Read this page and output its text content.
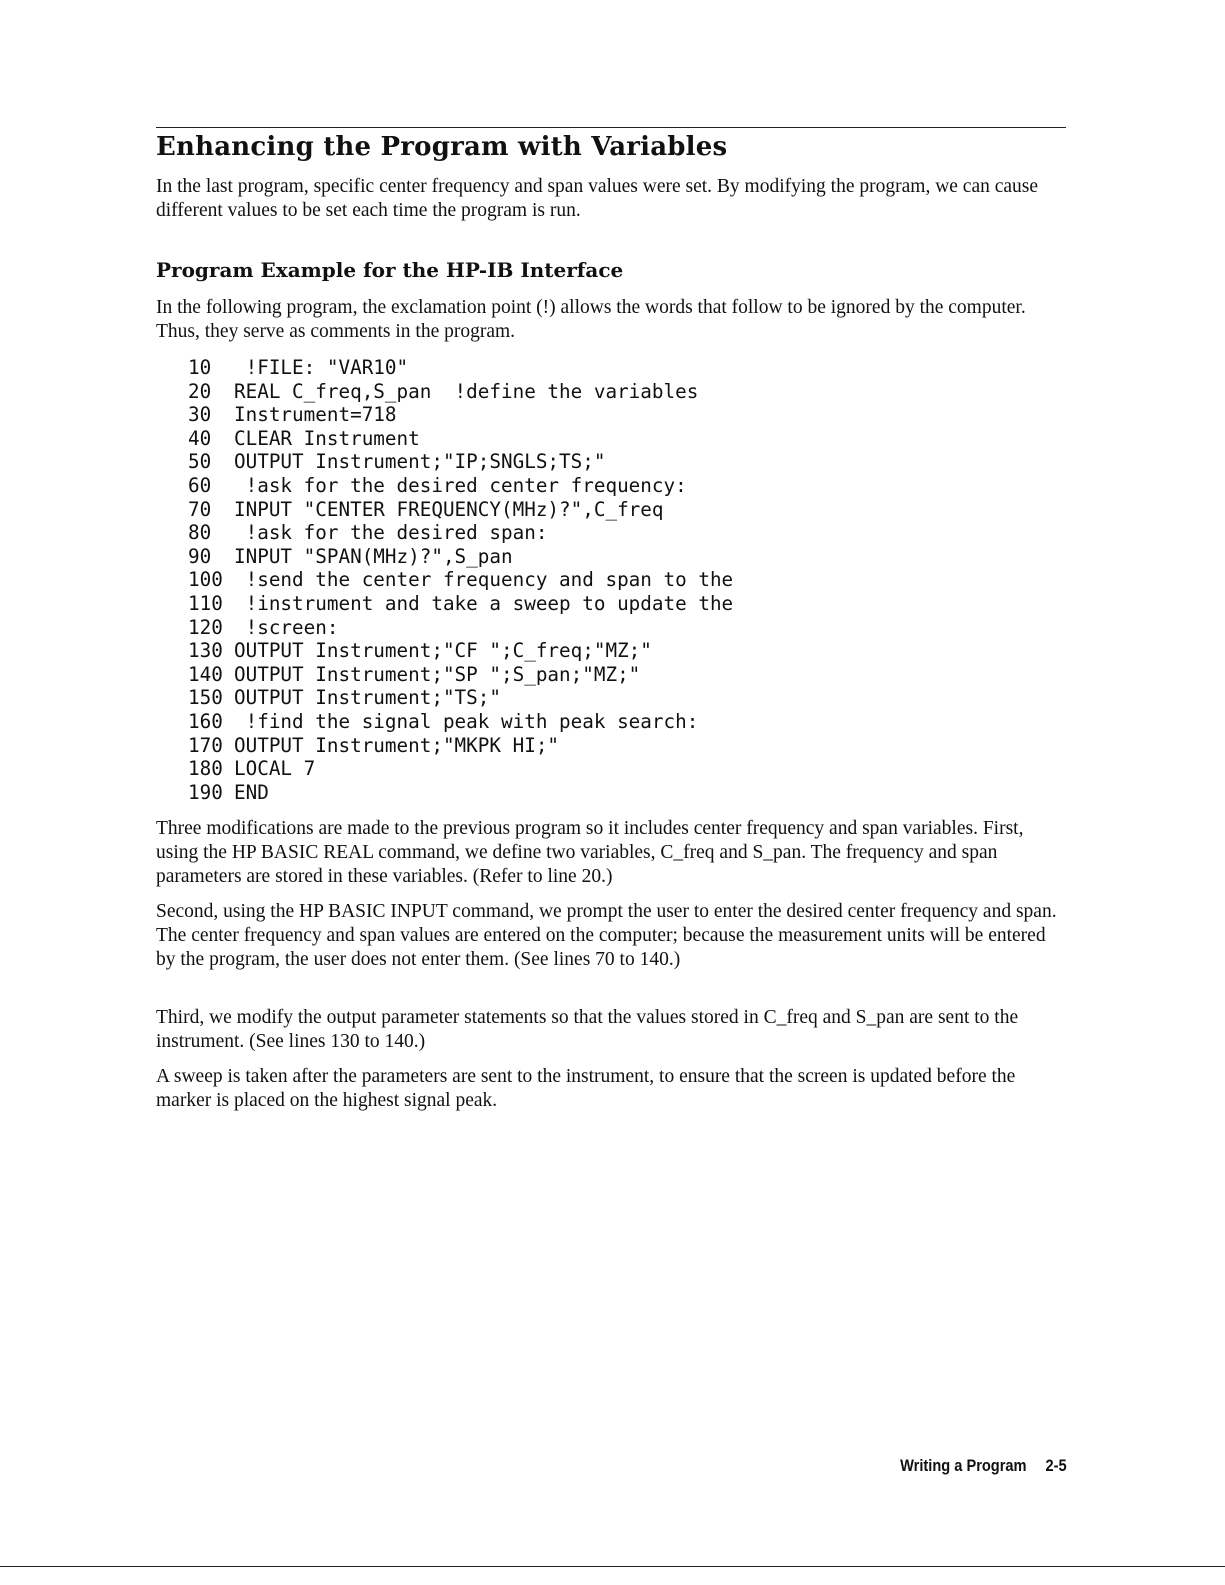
Enhancing the Program with Variables

In the last program, specific center frequency and span values were set. By modifying the program, we can cause different values to be set each time the program is run.

Program Example for the HP-IB Interface

In the following program, the exclamation point (!) allows the words that follow to be ignored by the computer. Thus, they serve as comments in the program.

10	!FILE: "VAR10"
20	REAL C_freq,S_pan  !define the variables
30	Instrument=718
40	CLEAR Instrument
50	OUTPUT Instrument;"IP;SNGLS;TS;"
60	!ask for the desired center frequency:
70	INPUT "CENTER FREQUENCY(MHz)?",C_freq
80	!ask for the desired span:
90	INPUT "SPAN(MHz)?",S_pan
100 !send the center frequency and span to the
110 !instrument and take a sweep to update the
120 !screen:
130 OUTPUT Instrument;"CF ";C_freq;"MZ;"
140 OUTPUT Instrument;"SP ";S_pan;"MZ;"
150 OUTPUT Instrument;"TS;"
160 !find the signal peak with peak search:
170 OUTPUT Instrument;"MKPK HI;"
180 LOCAL 7
190 END

Three modifications are made to the previous program so it includes center frequency and span variables. First, using the HP BASIC REAL command, we define two variables, C_freq and S_pan. The frequency and span parameters are stored in these variables. (Refer to line 20.)

Second, using the HP BASIC INPUT command, we prompt the user to enter the desired center frequency and span. The center frequency and span values are entered on the computer; because the measurement units will be entered by the program, the user does not enter them. (See lines 70 to 140.)

Third, we modify the output parameter statements so that the values stored in C_freq and S_pan are sent to the instrument. (See lines 130 to 140.)

A sweep is taken after the parameters are sent to the instrument, to ensure that the screen is updated before the marker is placed on the highest signal peak.

Writing a Program 2-5
